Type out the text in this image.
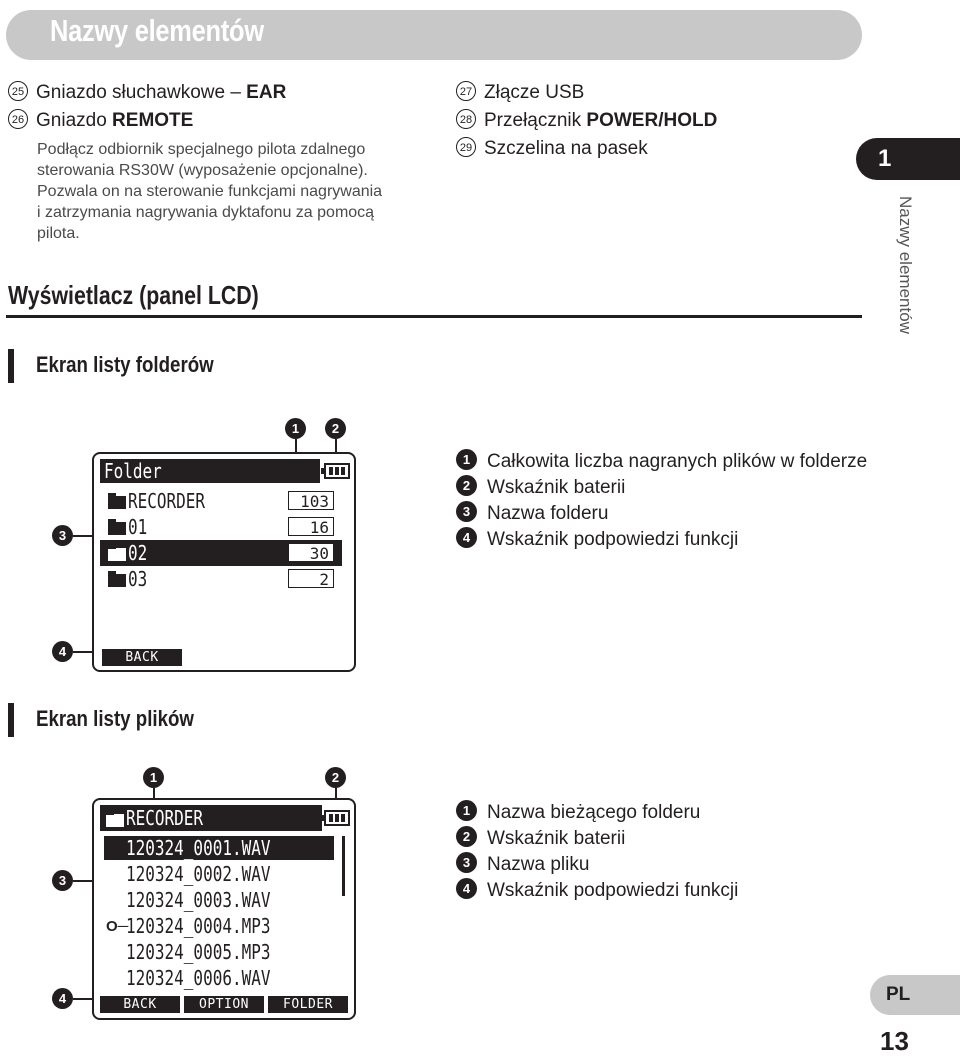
Nazwy elementów
25 Gniazdo słuchawkowe – EAR
26 Gniazdo REMOTE
Podłącz odbiornik specjalnego pilota zdalnego
sterowania RS30W (wyposażenie opcjonalne).
Pozwala on na sterowanie funkcjami nagrywania
i zatrzymania nagrywania dyktafonu za pomocą
pilota.
27 Złącze USB
28 Przełącznik POWER/HOLD
29 Szczelina na pasek	1
Nazwy elementów
Wyświetlacz (panel LCD)
Ekran listy folderów
1	2
3
4
Folder
RECORDER	103
01	16
02	30
03	2
BACK
1 Całkowita liczba nagranych plików w folderze
2 Wskaźnik baterii
3 Nazwa folderu
4 Wskaźnik podpowiedzi funkcji
Ekran listy plików
1	2
3
4
RECORDER
120324_0001.WAV
120324_0002.WAV
120324_0003.WAV
O─
120324_0004.MP3
120324_0005.MP3
120324_0006.WAV
BACK	OPTION	FOLDER
1 Nazwa bieżącego folderu
2 Wskaźnik baterii
3 Nazwa pliku
4 Wskaźnik podpowiedzi funkcji
PL
13
